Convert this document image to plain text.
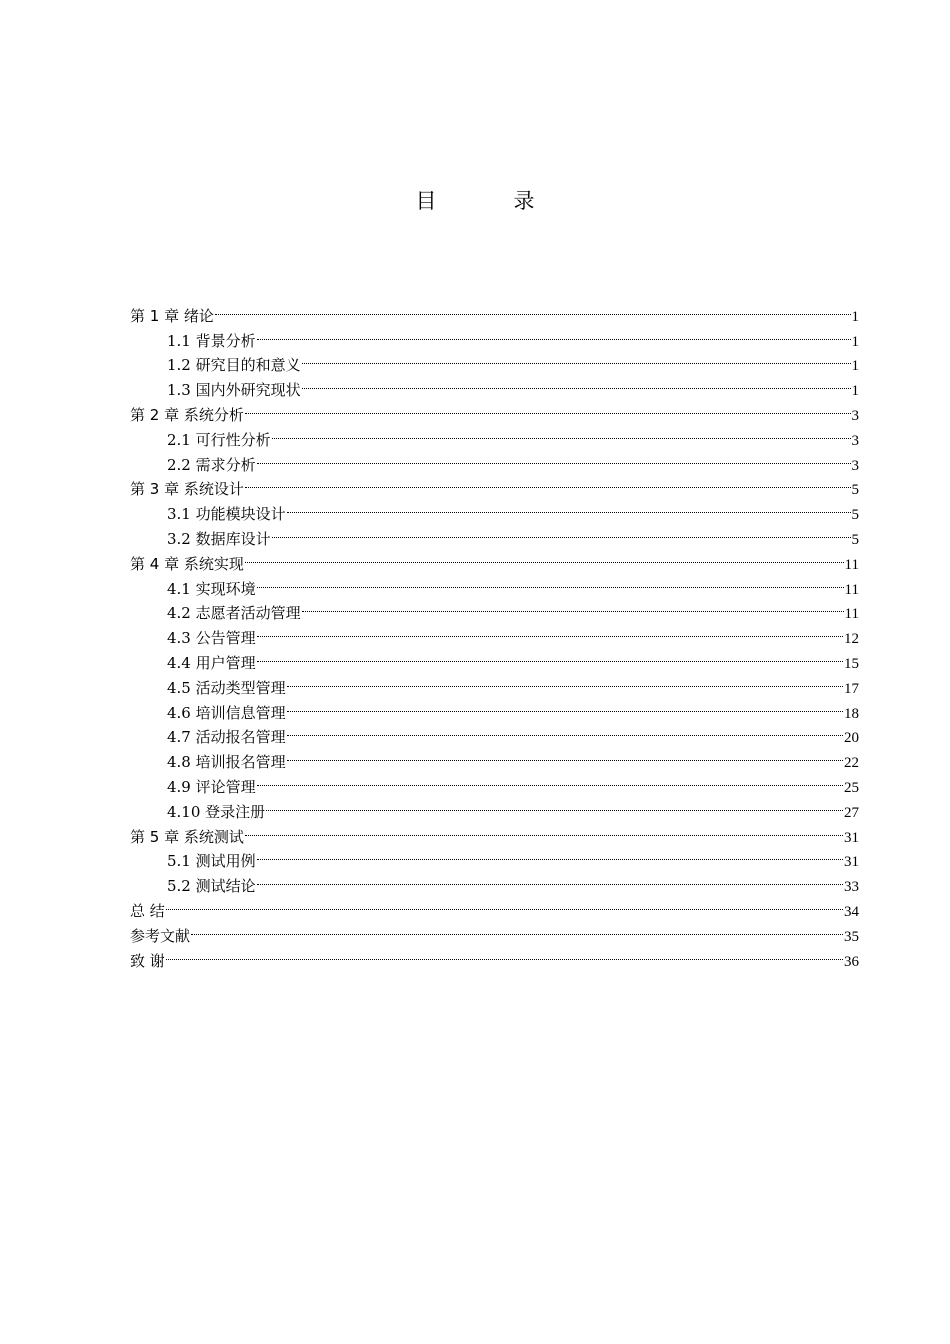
目　录
第 1 章 绪论	1
1.1 背景分析	1
1.2 研究目的和意义	1
1.3 国内外研究现状	1
第 2 章 系统分析	3
2.1 可行性分析	3
2.2 需求分析	3
第 3 章 系统设计	5
3.1 功能模块设计	5
3.2 数据库设计	5
第 4 章 系统实现	11
4.1 实现环境	11
4.2 志愿者活动管理	11
4.3 公告管理	12
4.4 用户管理	15
4.5 活动类型管理	17
4.6 培训信息管理	18
4.7 活动报名管理	20
4.8 培训报名管理	22
4.9 评论管理	25
4.10 登录注册	27
第 5 章 系统测试	31
5.1 测试用例	31
5.2 测试结论	33
总 结	34
参考文献	35
致 谢	36
